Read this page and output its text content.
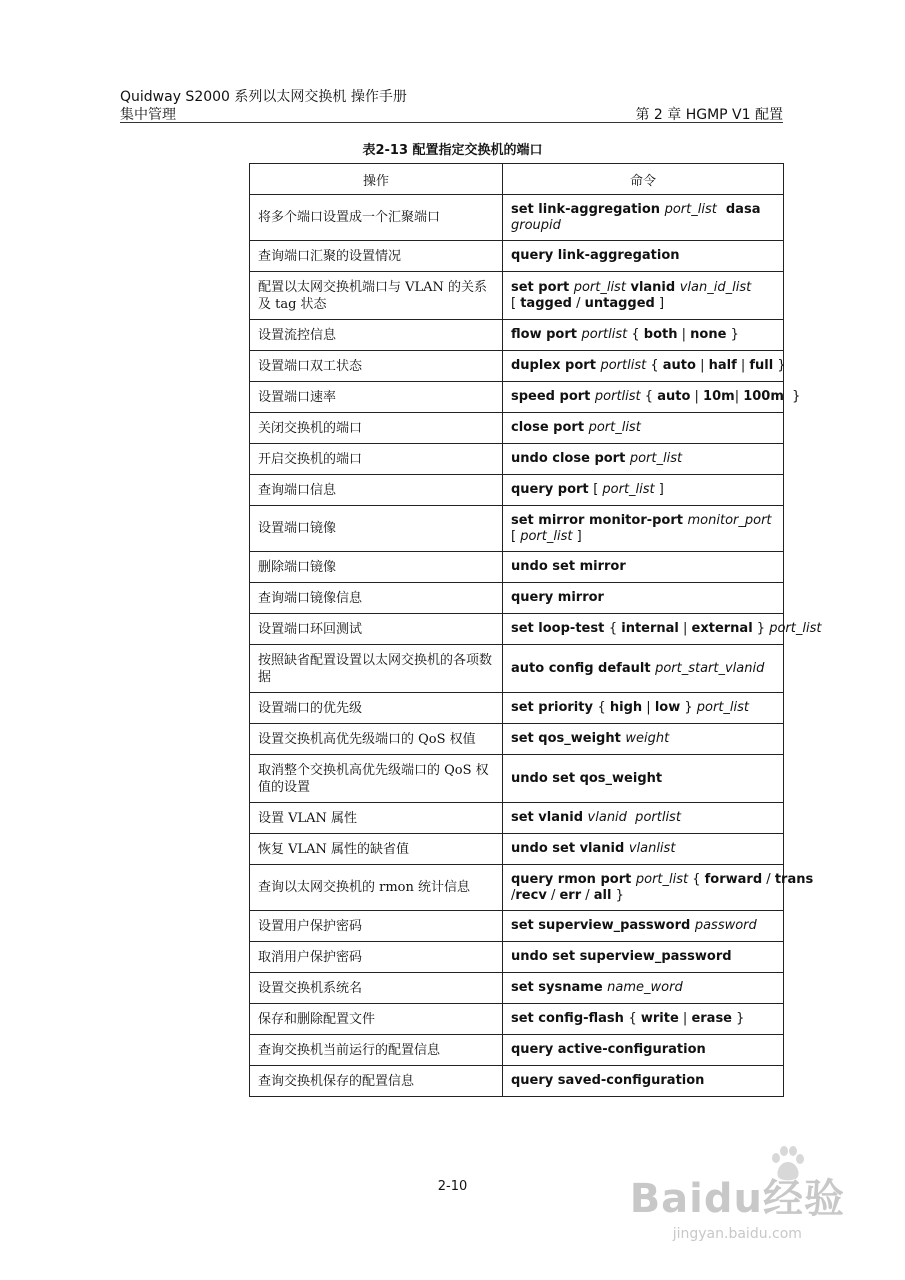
Quidway S2000 系列以太网交换机 操作手册
集中管理	第 2 章 HGMP V1 配置
表2-13 配置指定交换机的端口
操作	命令
将多个端口设置成一个汇聚端口	set link-aggregation port_list  dasa
groupid
查询端口汇聚的设置情况	query link-aggregation
配置以太网交换机端口与 VLAN 的关系及 tag 状态	set port port_list vlanid vlan_id_list
[ tagged / untagged ]
设置流控信息	flow port portlist { both | none }
设置端口双工状态	duplex port portlist { auto | half | full }
设置端口速率	speed port portlist { auto | 10m| 100m  }
关闭交换机的端口	close port port_list
开启交换机的端口	undo close port port_list
查询端口信息	query port [ port_list ]
设置端口镜像	set mirror monitor-port monitor_port
[ port_list ]
删除端口镜像	undo set mirror
查询端口镜像信息	query mirror
设置端口环回测试	set loop-test { internal | external } port_list
按照缺省配置设置以太网交换机的各项数据	auto config default port_start_vlanid
设置端口的优先级	set priority { high | low } port_list
设置交换机高优先级端口的 QoS 权值	set qos_weight weight
取消整个交换机高优先级端口的 QoS 权值的设置	undo set qos_weight
设置 VLAN 属性	set vlanid vlanid  portlist
恢复 VLAN 属性的缺省值	undo set vlanid vlanlist
查询以太网交换机的 rmon 统计信息	query rmon port port_list { forward / trans
/recv / err / all }
设置用户保护密码	set superview_password password
取消用户保护密码	undo set superview_password
设置交换机系统名	set sysname name_word
保存和删除配置文件	set config-flash { write | erase }
查询交换机当前运行的配置信息	query active-configuration
查询交换机保存的配置信息	query saved-configuration
2-10	Baidu经验
jingyan.baidu.com
